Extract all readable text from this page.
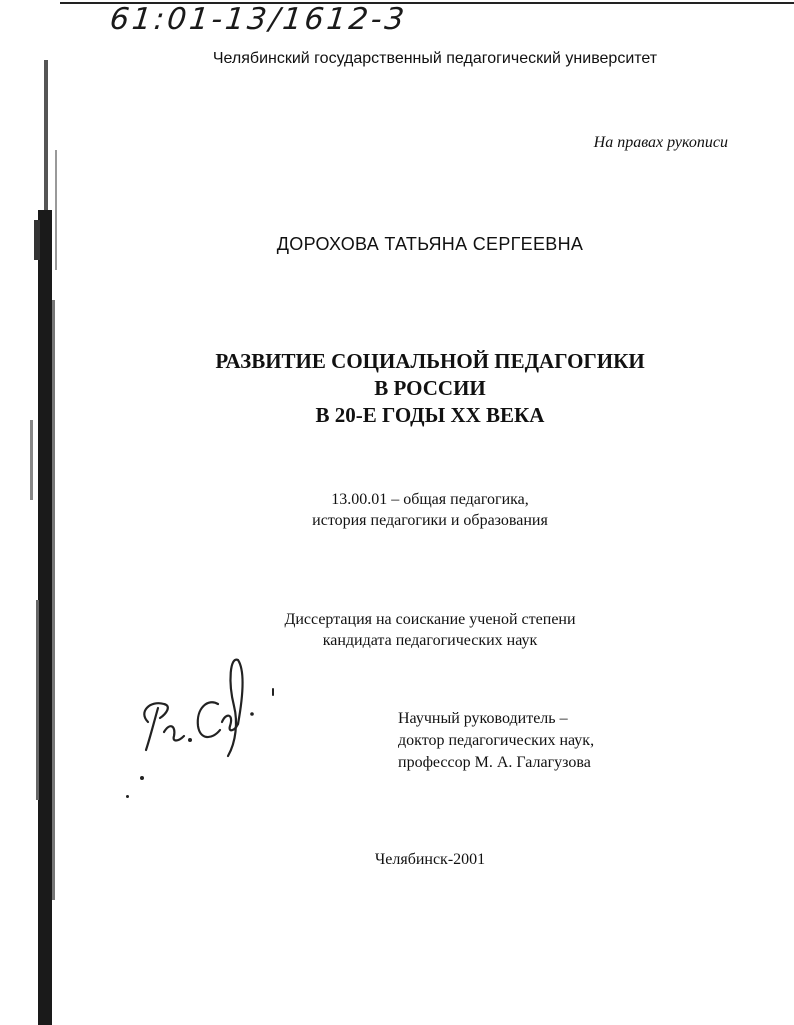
61:01-13/1612-3
Челябинский государственный педагогический университет
На правах рукописи
ДОРОХОВА ТАТЬЯНА СЕРГЕЕВНА
РАЗВИТИЕ СОЦИАЛЬНОЙ ПЕДАГОГИКИ
В РОССИИ
В 20-Е ГОДЫ XX ВЕКА
13.00.01 – общая педагогика,
история педагогики и образования
Диссертация на соискание ученой степени
кандидата педагогических наук
Научный руководитель –
доктор педагогических наук,
профессор М. А. Галагузова
Челябинск-2001
